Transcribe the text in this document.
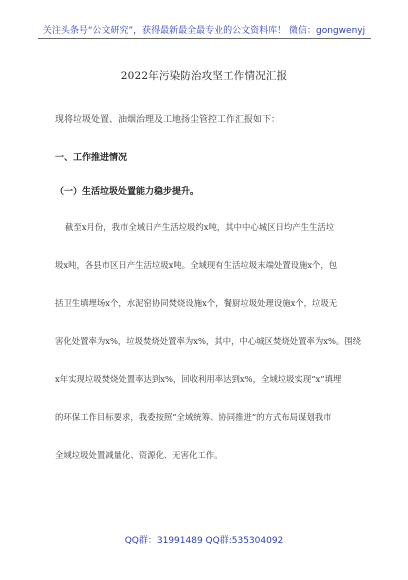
关注头条号“公文研究”，获得最新最全最专业的公文资料库！ 微信：gongwenyj
2022年污染防治攻坚工作情况汇报
现将垃圾处置、油烟治理及工地扬尘管控工作汇报如下：
一、工作推进情况
（一）生活垃圾处置能力稳步提升。
截至x月份，我市全域日产生活垃圾约x吨，其中中心城区日均产生生活垃
圾x吨，各县市区日产生活垃圾x吨。全域现有生活垃圾末端处置设施x个，包
括卫生填埋场x个，水泥窑协同焚烧设施x个，餐厨垃圾处理设施x个，垃圾无
害化处置率为x%，垃圾焚烧处置率为x%，其中，中心城区焚烧处置率为x%。围绕
x年实现垃圾焚烧处置率达到x%，回收利用率达到x%，全域垃圾实现“x”填埋
的环保工作目标要求，我委按照“全域统筹、协同推进”的方式布局谋划我市
全域垃圾处置减量化、资源化、无害化工作。
QQ群：31991489 QQ群:535304092
